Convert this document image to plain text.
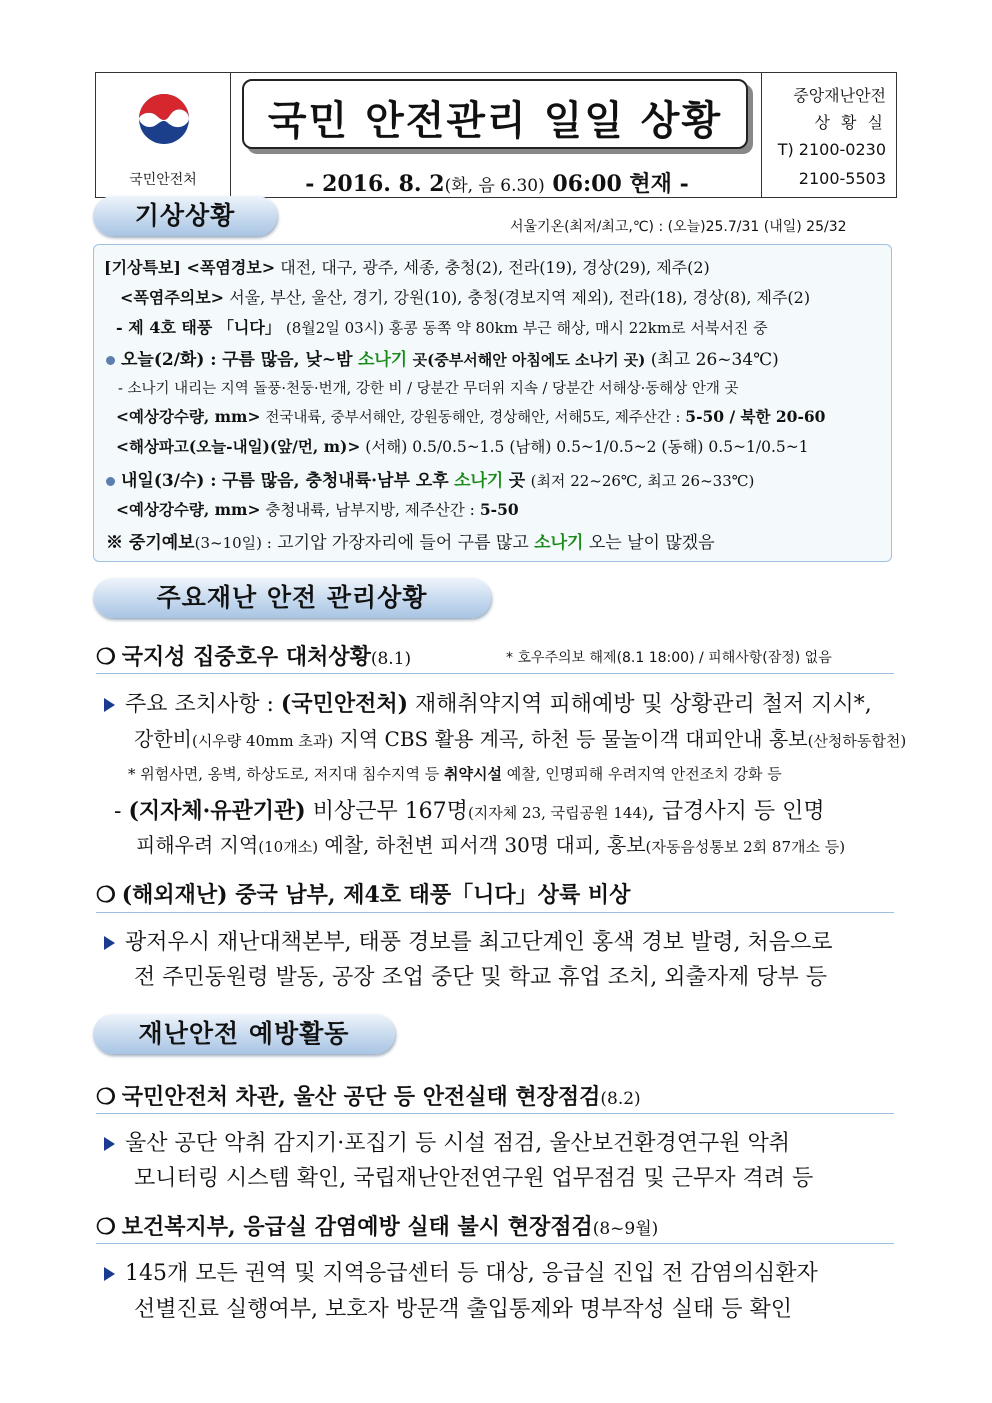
국민안전처
국민 안전관리 일일 상황
- 2016. 8. 2(화, 음 6.30) 06:00 현재 -
중앙재난안전
상 황 실
T) 2100-0230
2100-5503
기상상황	서울기온(최저/최고,℃) : (오늘)25.7/31 (내일) 25/32
[기상특보] <폭염경보> 대전, 대구, 광주, 세종, 충청(2), 전라(19), 경상(29), 제주(2)
<폭염주의보> 서울, 부산, 울산, 경기, 강원(10), 충청(경보지역 제외), 전라(18), 경상(8), 제주(2)
- 제 4호 태풍 「니다」 (8월2일 03시) 홍콩 동쪽 약 80km 부근 해상, 매시 22km로 서북서진 중
오늘(2/화) : 구름 많음, 낮~밤 소나기 곳(중부서해안 아침에도 소나기 곳) (최고 26~34℃)
- 소나기 내리는 지역 돌풍·천둥·번개, 강한 비 / 당분간 무더위 지속 / 당분간 서해상·동해상 안개 곳
<예상강수량, mm> 전국내륙, 중부서해안, 강원동해안, 경상해안, 서해5도, 제주산간 : 5-50 / 북한 20-60
<해상파고(오늘-내일)(앞/먼, m)> (서해) 0.5/0.5~1.5 (남해) 0.5~1/0.5~2 (동해) 0.5~1/0.5~1
내일(3/수) : 구름 많음, 충청내륙·남부 오후 소나기 곳 (최저 22~26℃, 최고 26~33℃)
<예상강수량, mm> 충청내륙, 남부지방, 제주산간 : 5-50
※ 중기예보(3~10일) : 고기압 가장자리에 들어 구름 많고 소나기 오는 날이 많겠음
주요재난 안전 관리상황
❍ 국지성 집중호우 대처상황(8.1)	* 호우주의보 해제(8.1 18:00) / 피해사항(잠정) 없음
주요 조치사항 : (국민안전처) 재해취약지역 피해예방 및 상황관리 철저 지시*,
강한비(시우량 40mm 초과) 지역 CBS 활용 계곡, 하천 등 물놀이객 대피안내 홍보(산청하동합천)
* 위험사면, 옹벽, 하상도로, 저지대 침수지역 등 취약시설 예찰, 인명피해 우려지역 안전조치 강화 등
- (지자체·유관기관) 비상근무 167명(지자체 23, 국립공원 144), 급경사지 등 인명
피해우려 지역(10개소) 예찰, 하천변 피서객 30명 대피, 홍보(자동음성통보 2회 87개소 등)
❍ (해외재난) 중국 남부, 제4호 태풍「니다」상륙 비상
광저우시 재난대책본부, 태풍 경보를 최고단계인 홍색 경보 발령, 처음으로
전 주민동원령 발동, 공장 조업 중단 및 학교 휴업 조치, 외출자제 당부 등
재난안전 예방활동
❍ 국민안전처 차관, 울산 공단 등 안전실태 현장점검(8.2)
울산 공단 악취 감지기·포집기 등 시설 점검, 울산보건환경연구원 악취
모니터링 시스템 확인, 국립재난안전연구원 업무점검 및 근무자 격려 등
❍ 보건복지부, 응급실 감염예방 실태 불시 현장점검(8~9월)
145개 모든 권역 및 지역응급센터 등 대상, 응급실 진입 전 감염의심환자
선별진료 실행여부, 보호자 방문객 출입통제와 명부작성 실태 등 확인
